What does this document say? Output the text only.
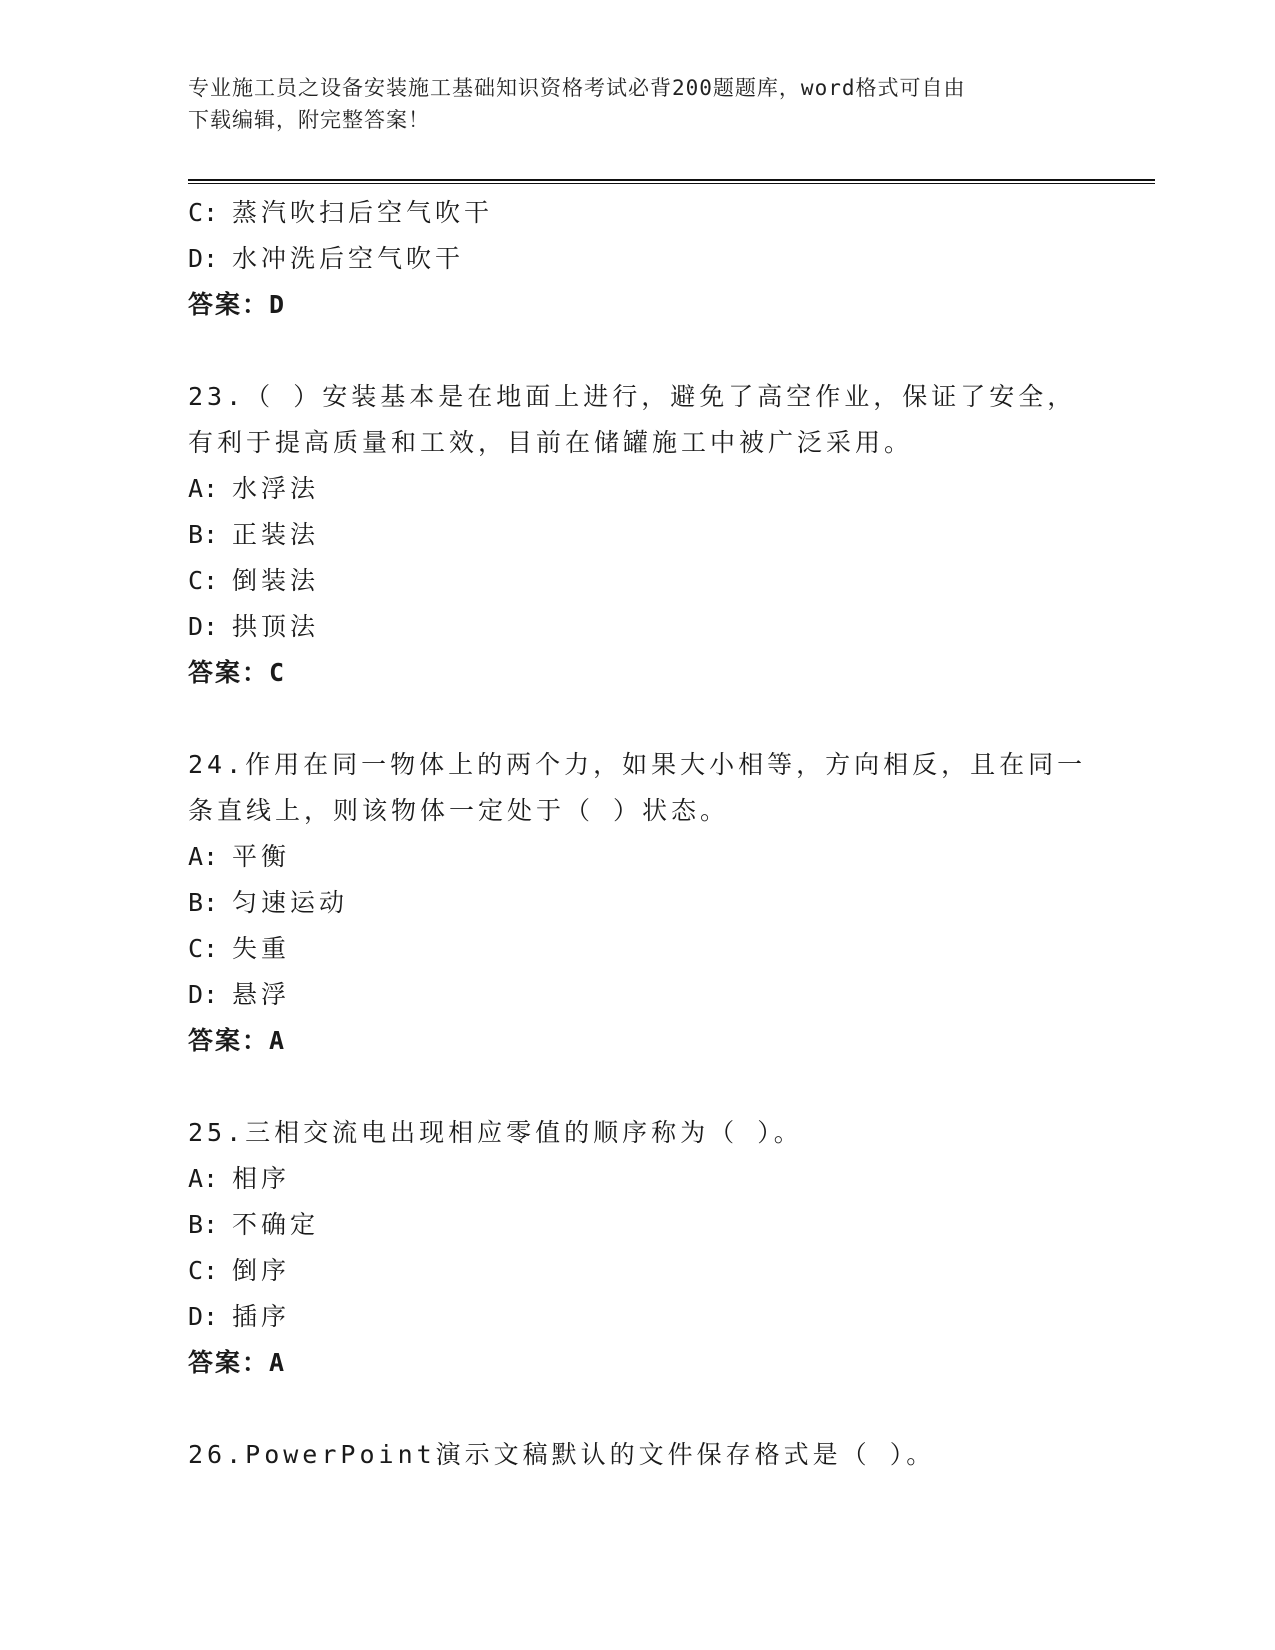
专业施工员之设备安装施工基础知识资格考试必背200题题库，word格式可自由
下载编辑，附完整答案！
C: 蒸汽吹扫后空气吹干
D: 水冲洗后空气吹干
答案：D
23.（ ）安装基本是在地面上进行，避免了高空作业，保证了安全，
有利于提高质量和工效，目前在储罐施工中被广泛采用。
A: 水浮法
B: 正装法
C: 倒装法
D: 拱顶法
答案：C
24.作用在同一物体上的两个力，如果大小相等，方向相反，且在同一
条直线上，则该物体一定处于（ ）状态。
A: 平衡
B: 匀速运动
C: 失重
D: 悬浮
答案：A
25.三相交流电出现相应零值的顺序称为（ ）。
A: 相序
B: 不确定
C: 倒序
D: 插序
答案：A
26.PowerPoint演示文稿默认的文件保存格式是（ ）。
